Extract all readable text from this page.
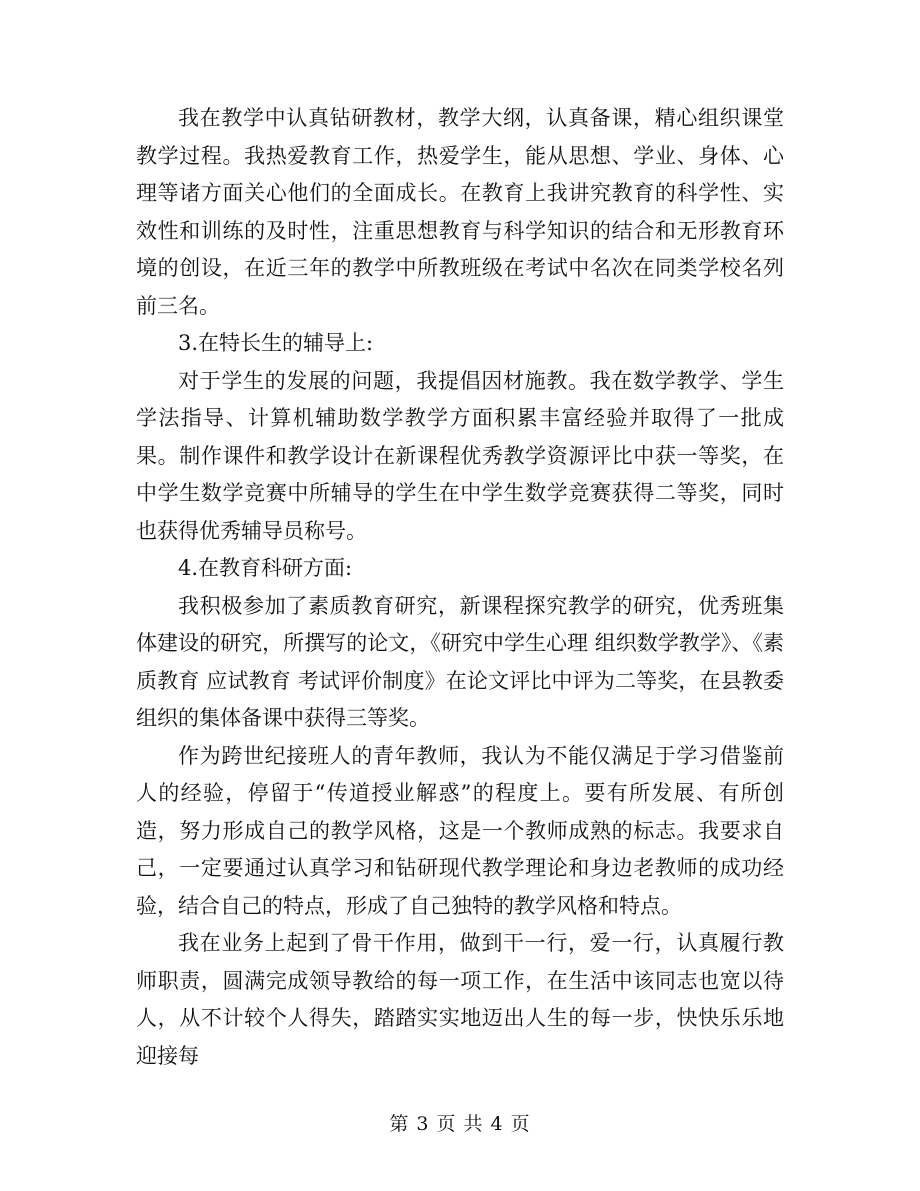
我在教学中认真钻研教材，教学大纲，认真备课，精心组织课堂教学过程。我热爱教育工作，热爱学生，能从思想、学业、身体、心理等诸方面关心他们的全面成长。在教育上我讲究教育的科学性、实效性和训练的及时性，注重思想教育与科学知识的结合和无形教育环境的创设，在近三年的教学中所教班级在考试中名次在同类学校名列前三名。

3.在特长生的辅导上:

对于学生的发展的问题，我提倡因材施教。我在数学教学、学生学法指导、计算机辅助数学教学方面积累丰富经验并取得了一批成果。制作课件和教学设计在新课程优秀教学资源评比中获一等奖，在中学生数学竞赛中所辅导的学生在中学生数学竞赛获得二等奖，同时也获得优秀辅导员称号。

4.在教育科研方面:

我积极参加了素质教育研究，新课程探究教学的研究，优秀班集体建设的研究，所撰写的论文，《研究中学生心理 组织数学教学》、《素质教育 应试教育 考试评价制度》在论文评比中评为二等奖，在县教委组织的集体备课中获得三等奖。

作为跨世纪接班人的青年教师，我认为不能仅满足于学习借鉴前人的经验，停留于“传道授业解惑”的程度上。要有所发展、有所创造，努力形成自己的教学风格，这是一个教师成熟的标志。我要求自己，一定要通过认真学习和钻研现代教学理论和身边老教师的成功经验，结合自己的特点，形成了自己独特的教学风格和特点。

我在业务上起到了骨干作用，做到干一行，爱一行，认真履行教师职责，圆满完成领导教给的每一项工作，在生活中该同志也宽以待人，从不计较个人得失，踏踏实实地迈出人生的每一步，快快乐乐地迎接每

第 3 页 共 4 页
